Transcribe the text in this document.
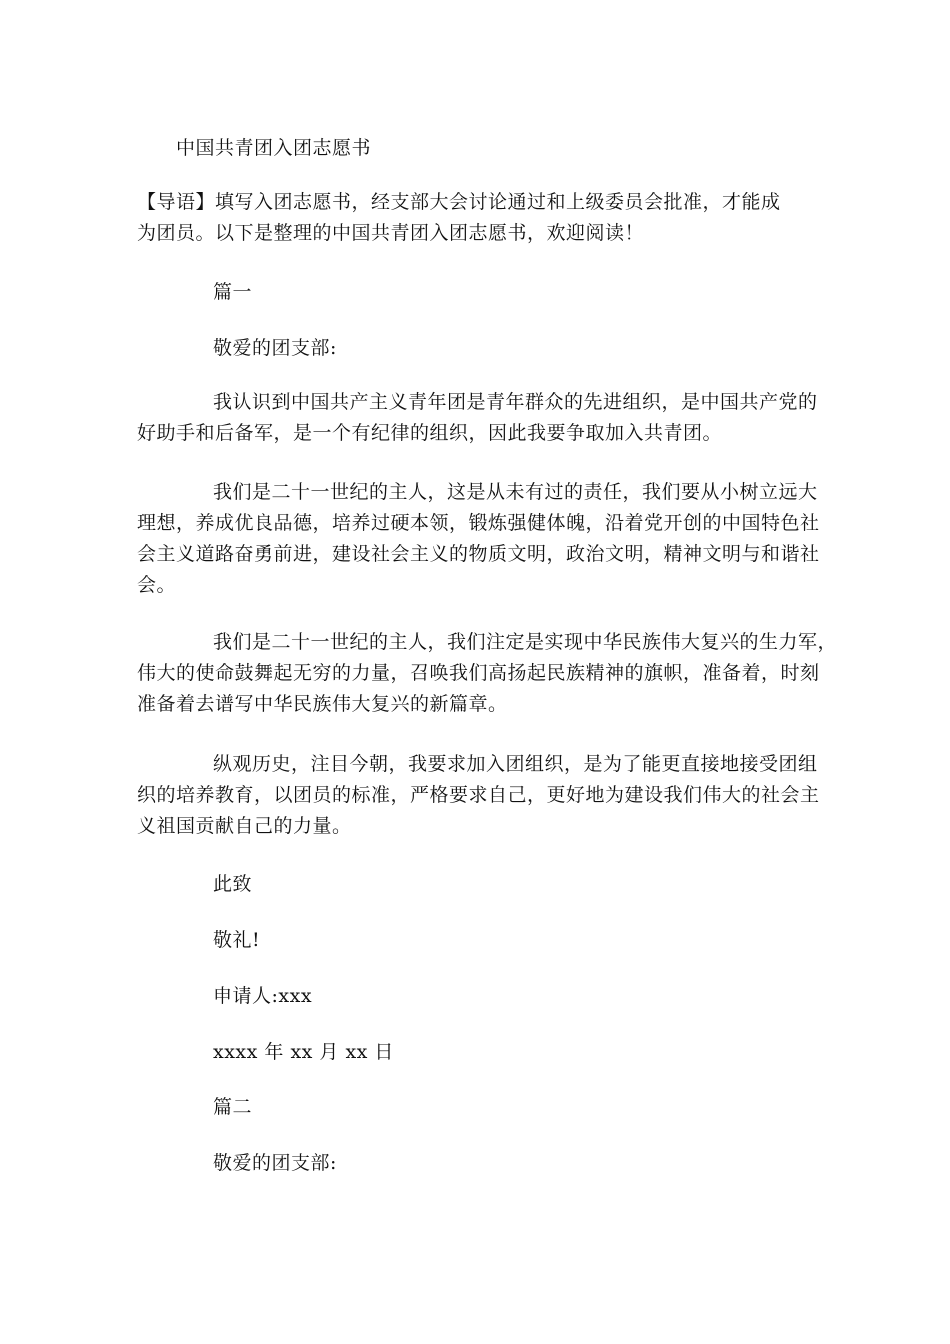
中国共青团入团志愿书
【导语】填写入团志愿书，经支部大会讨论通过和上级委员会批准，才能成
为团员。以下是整理的中国共青团入团志愿书，欢迎阅读！
篇一
敬爱的团支部:
我认识到中国共产主义青年团是青年群众的先进组织，是中国共产党的
好助手和后备军，是一个有纪律的组织，因此我要争取加入共青团。
我们是二十一世纪的主人，这是从未有过的责任，我们要从小树立远大
理想，养成优良品德，培养过硬本领，锻炼强健体魄，沿着党开创的中国特色社
会主义道路奋勇前进，建设社会主义的物质文明，政治文明，精神文明与和谐社
会。
我们是二十一世纪的主人，我们注定是实现中华民族伟大复兴的生力军，
伟大的使命鼓舞起无穷的力量，召唤我们高扬起民族精神的旗帜，准备着，时刻
准备着去谱写中华民族伟大复兴的新篇章。
纵观历史，注目今朝，我要求加入团组织，是为了能更直接地接受团组
织的培养教育，以团员的标准，严格要求自己，更好地为建设我们伟大的社会主
义祖国贡献自己的力量。
此致
敬礼!
申请人:xxx
xxxx 年 xx 月 xx 日
篇二
敬爱的团支部:
